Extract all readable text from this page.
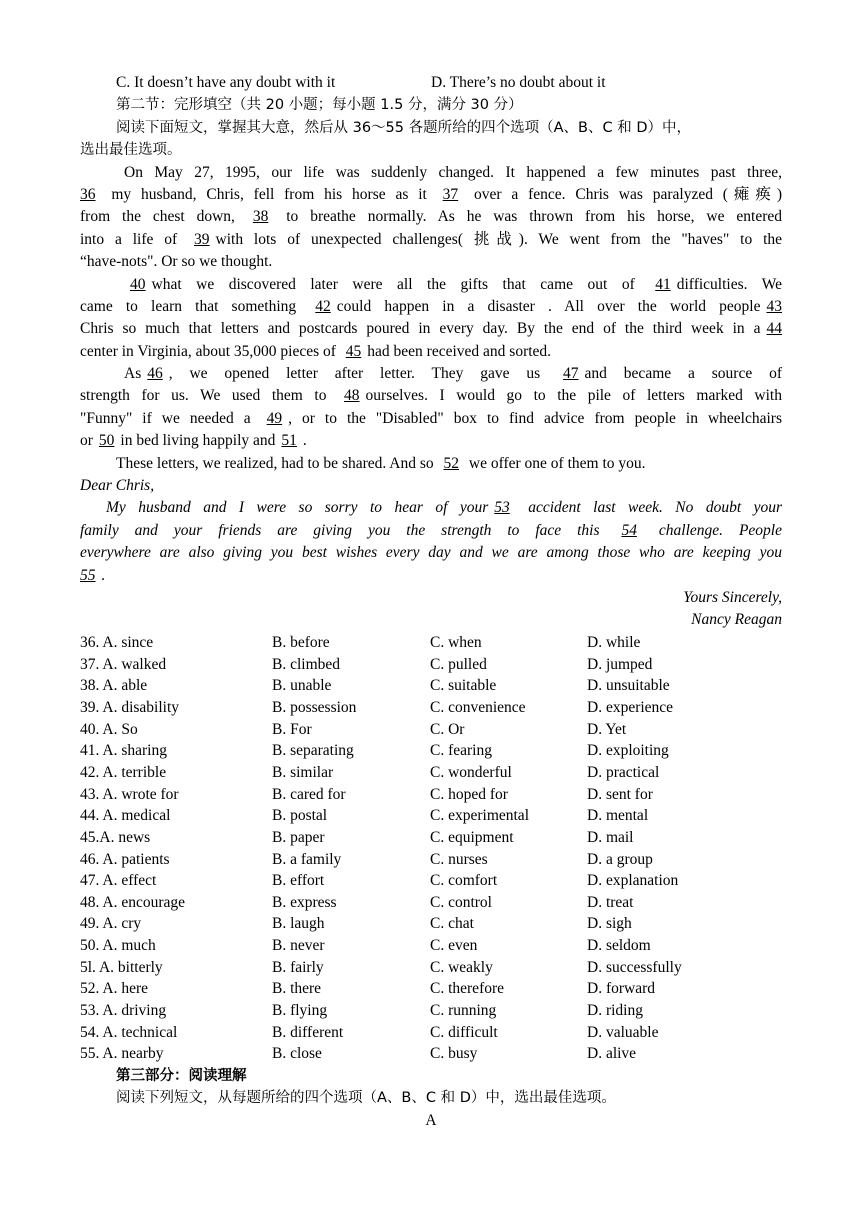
C. It doesn’t have any doubt with it	D. There’s no doubt about it
第二节：完形填空（共 20 小题；每小题 1.5 分，满分 30 分）
阅读下面短文，掌握其大意，然后从 36～55 各题所给的四个选项（A、B、C 和 D）中，
选出最佳选项。
On May 27, 1995, our life was suddenly changed. It happened a few minutes past three,
36 my husband, Chris, fell from his horse as it 37 over a fence. Chris was paralyzed (瘫痪)
from the chest down, 38 to breathe normally. As he was thrown from his horse, we entered
into a life of 39 with lots of unexpected challenges( 挑战). We went from the "haves" to the
“have-nots". Or so we thought.
40 what we discovered later were all the gifts that came out of 41 difficulties. We
came to learn that something 42 could happen in a disaster . All over the world people 43
Chris so much that letters and postcards poured in every day. By the end of the third week in a 44
center in Virginia, about 35,000 pieces of 45 had been received and sorted.
As 46 , we opened letter after letter. They gave us 47 and became a source of
strength for us. We used them to 48 ourselves. I would go to the pile of letters marked with
"Funny" if we needed a 49 , or to the "Disabled" box to find advice from people in wheelchairs
or 50 in bed living happily and 51 .
These letters, we realized, had to be shared. And so 52 we offer one of them to you.
Dear Chris,
My husband and I were so sorry to hear of your 53 accident last week. No doubt your
family and your friends are giving you the strength to face this 54 challenge. People
everywhere are also giving you best wishes every day and we are among those who are keeping you
55 .
Yours Sincerely,
Nancy Reagan
36. A. since	B. before	C. when	D. while
37. A. walked	B. climbed	C. pulled	D. jumped
38. A. able	B. unable	C. suitable	D. unsuitable
39. A. disability	B. possession	C. convenience	D. experience
40. A. So	B. For	C. Or	D. Yet
41. A. sharing	B. separating	C. fearing	D. exploiting
42. A. terrible	B. similar	C. wonderful	D. practical
43. A. wrote for	B. cared for	C. hoped for	D. sent for
44. A. medical	B. postal	C. experimental	D. mental
45.A. news	B. paper	C. equipment	D. mail
46. A. patients	B. a family	C. nurses	D. a group
47. A. effect	B. effort	C. comfort	D. explanation
48. A. encourage	B. express	C. control	D. treat
49. A. cry	B. laugh	C. chat	D. sigh
50. A. much	B. never	C. even	D. seldom
5l. A. bitterly	B. fairly	C. weakly	D. successfully
52. A. here	B. there	C. therefore	D. forward
53. A. driving	B. flying	C. running	D. riding
54. A. technical	B. different	C. difficult	D. valuable
55. A. nearby	B. close	C. busy	D. alive
第三部分：阅读理解
阅读下列短文，从每题所给的四个选项（A、B、C 和 D）中，选出最佳选项。
A
